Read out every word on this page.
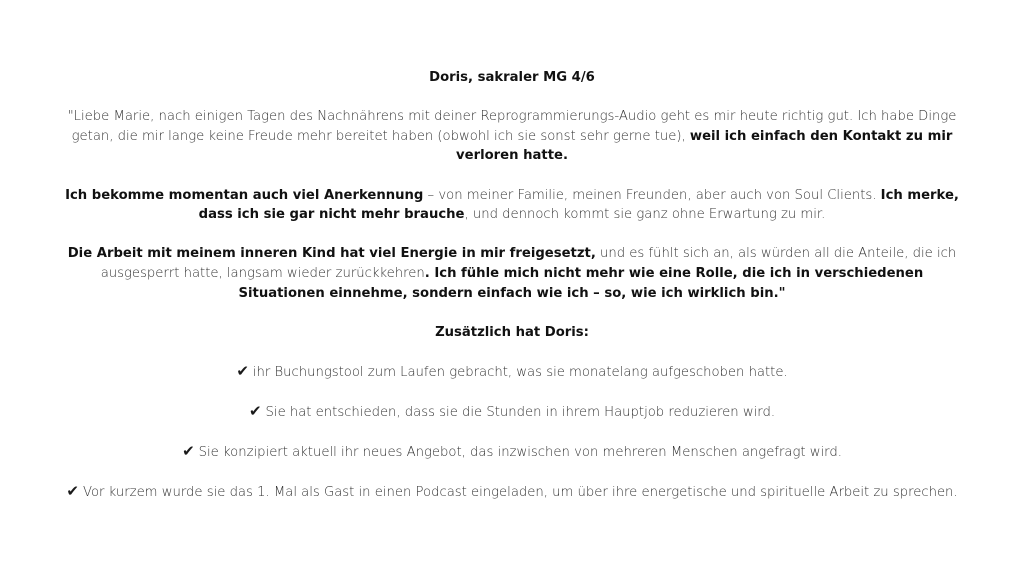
Doris, sakraler MG 4/6

"Liebe Marie, nach einigen Tagen des Nachnährens mit deiner Reprogrammierungs-Audio geht es mir heute richtig gut. Ich habe Dinge getan, die mir lange keine Freude mehr bereitet haben (obwohl ich sie sonst sehr gerne tue), weil ich einfach den Kontakt zu mir verloren hatte.

Ich bekomme momentan auch viel Anerkennung – von meiner Familie, meinen Freunden, aber auch von Soul Clients. Ich merke, dass ich sie gar nicht mehr brauche, und dennoch kommt sie ganz ohne Erwartung zu mir.

Die Arbeit mit meinem inneren Kind hat viel Energie in mir freigesetzt, und es fühlt sich an, als würden all die Anteile, die ich ausgesperrt hatte, langsam wieder zurückkehren. Ich fühle mich nicht mehr wie eine Rolle, die ich in verschiedenen Situationen einnehme, sondern einfach wie ich – so, wie ich wirklich bin."

Zusätzlich hat Doris:

✔ ihr Buchungstool zum Laufen gebracht, was sie monatelang aufgeschoben hatte.

✔ Sie hat entschieden, dass sie die Stunden in ihrem Hauptjob reduzieren wird.

✔ Sie konzipiert aktuell ihr neues Angebot, das inzwischen von mehreren Menschen angefragt wird.

✔ Vor kurzem wurde sie das 1. Mal als Gast in einen Podcast eingeladen, um über ihre energetische und spirituelle Arbeit zu sprechen.
